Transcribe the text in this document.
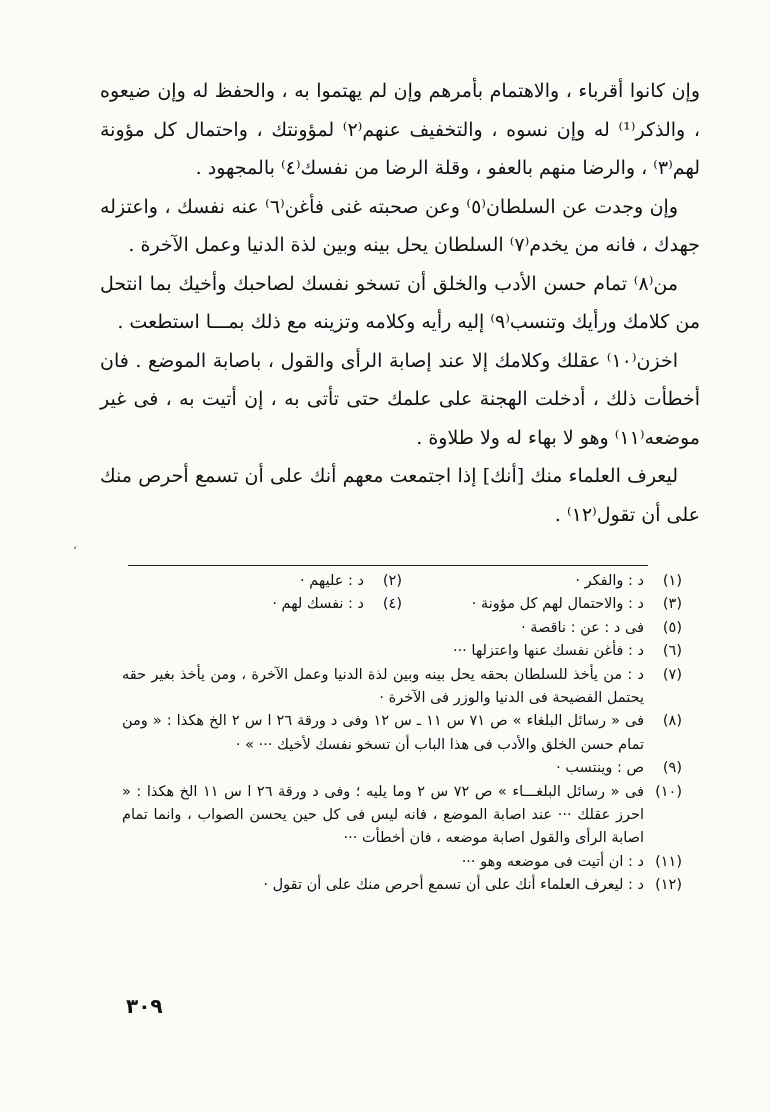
وإن كانوا أقرباء ، والاهتمام بأمرهم وإن لم يهتموا به ، والحفظ له وإن ضيعوه ، والذكر⁽¹⁾ له وإن نسوه ، والتخفيف عنهم⁽٢⁾ لمؤونتك ، واحتمال كل مؤونة لهم⁽٣⁾ ، والرضا منهم بالعفو ، وقلة الرضا من نفسك⁽٤⁾ بالمجهود .

وإن وجدت عن السلطان⁽٥⁾ وعن صحبته غنى فأغن⁽٦⁾ عنه نفسك ، واعتزله جهدك ، فانه من يخدم⁽٧⁾ السلطان يحل بينه وبين لذة الدنيا وعمل الآخرة .

من⁽٨⁾ تمام حسن الأدب والخلق أن تسخو نفسك لصاحبك وأخيك بما انتحل من كلامك ورأيك وتنسب⁽٩⁾ إليه رأيه وكلامه وتزينه مع ذلك بمـــا استطعت .

اخزن⁽١٠⁾ عقلك وكلامك إلا عند إصابة الرأى والقول ، باصابة الموضع . فان أخطأت ذلك ، أدخلت الهجنة على علمك حتى تأتى به ، إن أتيت به ، فى غير موضعه⁽١١⁾ وهو لا بهاء له ولا طلاوة .

ليعرف العلماء منك [أنك] إذا اجتمعت معهم أنك على أن تسمع أحرص منك على أن تقول⁽١٢⁾ .

،
(١)
د : والفكر ·
(٢)
د : عليهم ·
(٣)
د : والاحتمال لهم كل مؤونة ·
(٤)
د : نفسك لهم ·
(٥)
فى د : عن : ناقصة ·
(٦)
د : فأغن نفسك عنها واعتزلها ···
(٧)
د : من يأخذ للسلطان بحقه يحل بينه وبين لذة الدنيا وعمل الآخرة ، ومن يأخذ بغير حقه يحتمل الفضيحة فى الدنيا والوزر فى الآخرة ·
(٨)
فى « رسائل البلغاء » ص ٧١ س ١١ ـ س ١٢ وفى د ورقة ٢٦ ا س ٢ الخ هكذا : « ومن تمام حسن الخلق والأدب فى هذا الباب أن تسخو نفسك لأخيك ··· » ·
(٩)
ص : وينتسب ·
(١٠)
فى « رسائل البلغـــاء » ص ٧٢ س ٢ وما يليه ؛ وفى د ورقة ٢٦ ا س ١١ الخ هكذا : « احرز عقلك ··· عند اصابة الموضع ، فانه ليس فى كل حين يحسن الصواب ، وانما تمام اصابة الرأى والقول اصابة موضعه ، فان أخطأت ···
(١١)
د : ان أتيت فى موضعه وهو ···
(١٢)
د : ليعرف العلماء أنك على أن تسمع أحرص منك على أن تقول ·
٣٠٩
